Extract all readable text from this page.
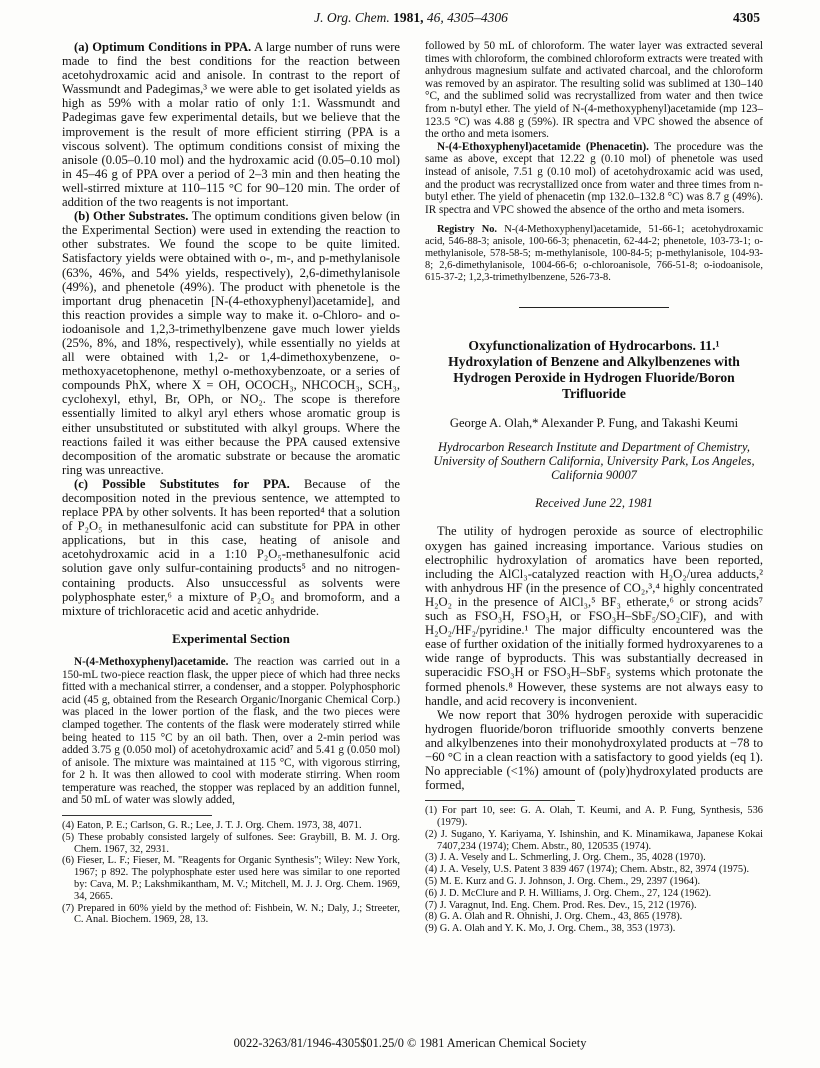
J. Org. Chem. 1981, 46, 4305–4306	4305

(a) Optimum Conditions in PPA. A large number of runs were made to find the best conditions for the reaction between acetohydroxamic acid and anisole. In contrast to the report of Wassmundt and Padegimas,³ we were able to get isolated yields as high as 59% with a molar ratio of only 1:1. Wassmundt and Padegimas gave few experimental details, but we believe that the improvement is the result of more efficient stirring (PPA is a viscous solvent). The optimum conditions consist of mixing the anisole (0.05–0.10 mol) and the hydroxamic acid (0.05–0.10 mol) in 45–46 g of PPA over a period of 2–3 min and then heating the well-stirred mixture at 110–115 °C for 90–120 min. The order of addition of the two reagents is not important.

(b) Other Substrates. The optimum conditions given below (in the Experimental Section) were used in extending the reaction to other substrates. We found the scope to be quite limited. Satisfactory yields were obtained with o-, m-, and p-methylanisole (63%, 46%, and 54% yields, respectively), 2,6-dimethylanisole (49%), and phenetole (49%). The product with phenetole is the important drug phenacetin [N-(4-ethoxyphenyl)acetamide], and this reaction provides a simple way to make it. o-Chloro- and o-iodoanisole and 1,2,3-trimethylbenzene gave much lower yields (25%, 8%, and 18%, respectively), while essentially no yields at all were obtained with 1,2- or 1,4-dimethoxybenzene, o-methoxyacetophenone, methyl o-methoxybenzoate, or a series of compounds PhX, where X = OH, OCOCH₃, NHCOCH₃, SCH₃, cyclohexyl, ethyl, Br, OPh, or NO₂. The scope is therefore essentially limited to alkyl aryl ethers whose aromatic group is either unsubstituted or substituted with alkyl groups. Where the reactions failed it was either because the PPA caused extensive decomposition of the aromatic substrate or because the aromatic ring was unreactive.

(c) Possible Substitutes for PPA. Because of the decomposition noted in the previous sentence, we attempted to replace PPA by other solvents. It has been reported⁴ that a solution of P₂O₅ in methanesulfonic acid can substitute for PPA in other applications, but in this case, heating of anisole and acetohydroxamic acid in a 1:10 P₂O₅-methanesulfonic acid solution gave only sulfur-containing products⁵ and no nitrogen-containing products. Also unsuccessful as solvents were polyphosphate ester,⁶ a mixture of P₂O₅ and bromoform, and a mixture of trichloracetic acid and acetic anhydride.

Experimental Section

N-(4-Methoxyphenyl)acetamide. The reaction was carried out in a 150-mL two-piece reaction flask, the upper piece of which had three necks fitted with a mechanical stirrer, a condenser, and a stopper. Polyphosphoric acid (45 g, obtained from the Research Organic/Inorganic Chemical Corp.) was placed in the lower portion of the flask, and the two pieces were clamped together. The contents of the flask were moderately stirred while being heated to 115 °C by an oil bath. Then, over a 2-min period was added 3.75 g (0.050 mol) of acetohydroxamic acid⁷ and 5.41 g (0.050 mol) of anisole. The mixture was maintained at 115 °C, with vigorous stirring, for 2 h. It was then allowed to cool with moderate stirring. When room temperature was reached, the stopper was replaced by an addition funnel, and 50 mL of water was slowly added,

(4) Eaton, P. E.; Carlson, G. R.; Lee, J. T. J. Org. Chem. 1973, 38, 4071.

(5) These probably consisted largely of sulfones. See: Graybill, B. M. J. Org. Chem. 1967, 32, 2931.

(6) Fieser, L. F.; Fieser, M. "Reagents for Organic Synthesis"; Wiley: New York, 1967; p 892. The polyphosphate ester used here was similar to one reported by: Cava, M. P.; Lakshmikantham, M. V.; Mitchell, M. J. J. Org. Chem. 1969, 34, 2665.

(7) Prepared in 60% yield by the method of: Fishbein, W. N.; Daly, J.; Streeter, C. Anal. Biochem. 1969, 28, 13.

followed by 50 mL of chloroform. The water layer was extracted several times with chloroform, the combined chloroform extracts were treated with anhydrous magnesium sulfate and activated charcoal, and the chloroform was removed by an aspirator. The resulting solid was sublimed at 130–140 °C, and the sublimed solid was recrystallized from water and then twice from n-butyl ether. The yield of N-(4-methoxyphenyl)acetamide (mp 123–123.5 °C) was 4.88 g (59%). IR spectra and VPC showed the absence of the ortho and meta isomers.

N-(4-Ethoxyphenyl)acetamide (Phenacetin). The procedure was the same as above, except that 12.22 g (0.10 mol) of phenetole was used instead of anisole, 7.51 g (0.10 mol) of acetohydroxamic acid was used, and the product was recrystallized once from water and three times from n-butyl ether. The yield of phenacetin (mp 132.0–132.8 °C) was 8.7 g (49%). IR spectra and VPC showed the absence of the ortho and meta isomers.

Registry No. N-(4-Methoxyphenyl)acetamide, 51-66-1; acetohydroxamic acid, 546-88-3; anisole, 100-66-3; phenacetin, 62-44-2; phenetole, 103-73-1; o-methylanisole, 578-58-5; m-methylanisole, 100-84-5; p-methylanisole, 104-93-8; 2,6-dimethylanisole, 1004-66-6; o-chloroanisole, 766-51-8; o-iodoanisole, 615-37-2; 1,2,3-trimethylbenzene, 526-73-8.

Oxyfunctionalization of Hydrocarbons. 11.¹ Hydroxylation of Benzene and Alkylbenzenes with Hydrogen Peroxide in Hydrogen Fluoride/Boron Trifluoride
George A. Olah,* Alexander P. Fung, and Takashi Keumi
Hydrocarbon Research Institute and Department of Chemistry, University of Southern California, University Park, Los Angeles, California 90007
Received June 22, 1981

The utility of hydrogen peroxide as source of electrophilic oxygen has gained increasing importance. Various studies on electrophilic hydroxylation of aromatics have been reported, including the AlCl₃-catalyzed reaction with H₂O₂/urea adducts,² with anhydrous HF (in the presence of CO₂,³,⁴ highly concentrated H₂O₂ in the presence of AlCl₃,⁵ BF₃ etherate,⁶ or strong acids⁷ such as FSO₃H, FSO₃H, or FSO₃H–SbF₅/SO₂ClF), and with H₂O₂/HF₂/pyridine.¹ The major difficulty encountered was the ease of further oxidation of the initially formed hydroxyarenes to a wide range of byproducts. This was substantially decreased in superacidic FSO₃H or FSO₃H–SbF₅ systems which protonate the formed phenols.⁸ However, these systems are not always easy to handle, and acid recovery is inconvenient.

We now report that 30% hydrogen peroxide with superacidic hydrogen fluoride/boron trifluoride smoothly converts benzene and alkylbenzenes into their monohydroxylated products at −78 to −60 °C in a clean reaction with a satisfactory to good yields (eq 1). No appreciable (<1%) amount of (poly)hydroxylated products are formed,

(1) For part 10, see: G. A. Olah, T. Keumi, and A. P. Fung, Synthesis, 536 (1979).

(2) J. Sugano, Y. Kariyama, Y. Ishinshin, and K. Minamikawa, Japanese Kokai 7407,234 (1974); Chem. Abstr., 80, 120535 (1974).

(3) J. A. Vesely and L. Schmerling, J. Org. Chem., 35, 4028 (1970).

(4) J. A. Vesely, U.S. Patent 3 839 467 (1974); Chem. Abstr., 82, 3974 (1975).

(5) M. E. Kurz and G. J. Johnson, J. Org. Chem., 29, 2397 (1964).

(6) J. D. McClure and P. H. Williams, J. Org. Chem., 27, 124 (1962).

(7) J. Varagnut, Ind. Eng. Chem. Prod. Res. Dev., 15, 212 (1976).

(8) G. A. Olah and R. Ohnishi, J. Org. Chem., 43, 865 (1978).

(9) G. A. Olah and Y. K. Mo, J. Org. Chem., 38, 353 (1973).

0022-3263/81/1946-4305$01.25/0 © 1981 American Chemical Society
